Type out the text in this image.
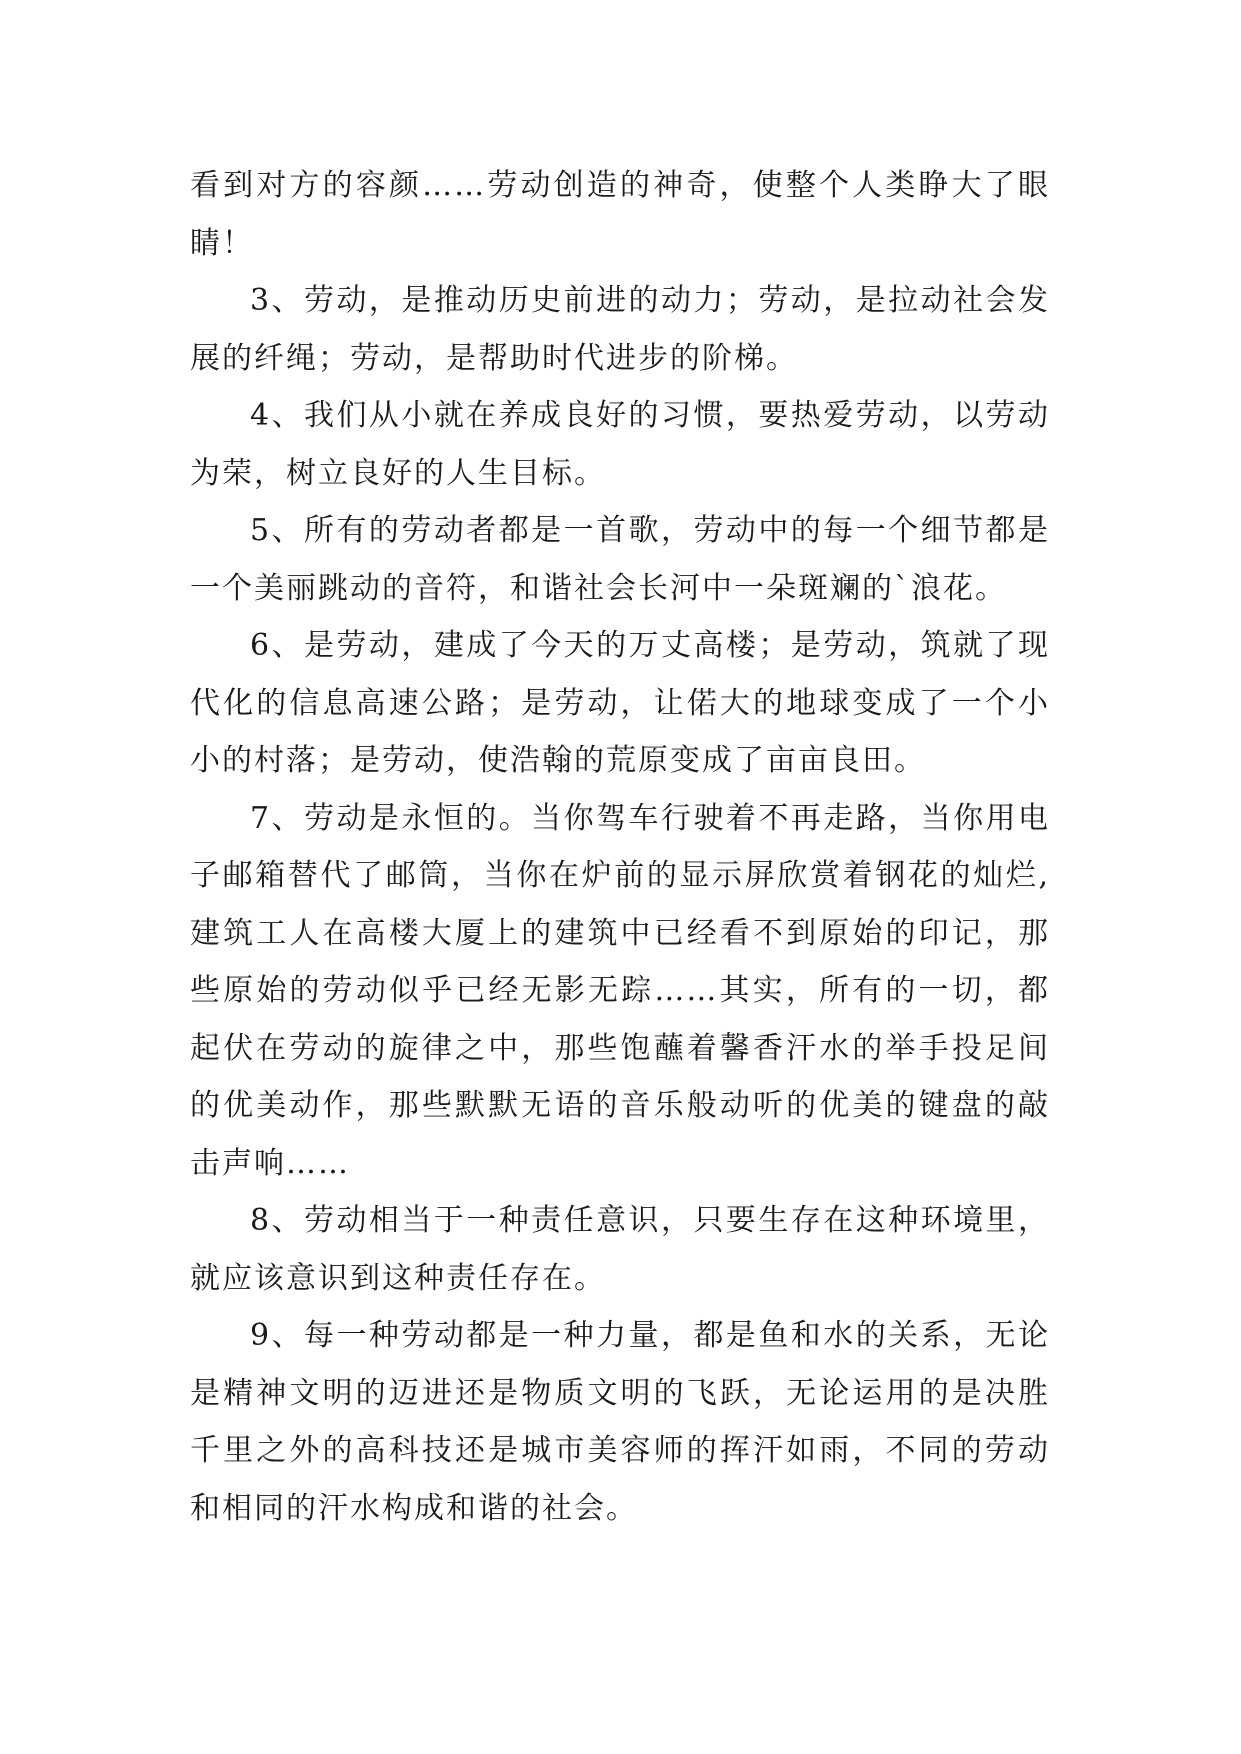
看到对方的容颜……劳动创造的神奇，使整个人类睁大了眼睛！

3、劳动，是推动历史前进的动力；劳动，是拉动社会发展的纤绳；劳动，是帮助时代进步的阶梯。

4、我们从小就在养成良好的习惯，要热爱劳动，以劳动为荣，树立良好的人生目标。

5、所有的劳动者都是一首歌，劳动中的每一个细节都是一个美丽跳动的音符，和谐社会长河中一朵斑斓的`浪花。

6、是劳动，建成了今天的万丈高楼；是劳动，筑就了现代化的信息高速公路；是劳动，让偌大的地球变成了一个小小的村落；是劳动，使浩翰的荒原变成了亩亩良田。

7、劳动是永恒的。当你驾车行驶着不再走路，当你用电子邮箱替代了邮筒，当你在炉前的显示屏欣赏着钢花的灿烂,建筑工人在高楼大厦上的建筑中已经看不到原始的印记，那些原始的劳动似乎已经无影无踪……其实，所有的一切，都起伏在劳动的旋律之中，那些饱蘸着馨香汗水的举手投足间的优美动作，那些默默无语的音乐般动听的优美的键盘的敲击声响……

8、劳动相当于一种责任意识，只要生存在这种环境里，就应该意识到这种责任存在。

9、每一种劳动都是一种力量，都是鱼和水的关系，无论是精神文明的迈进还是物质文明的飞跃，无论运用的是决胜千里之外的高科技还是城市美容师的挥汗如雨，不同的劳动和相同的汗水构成和谐的社会。
